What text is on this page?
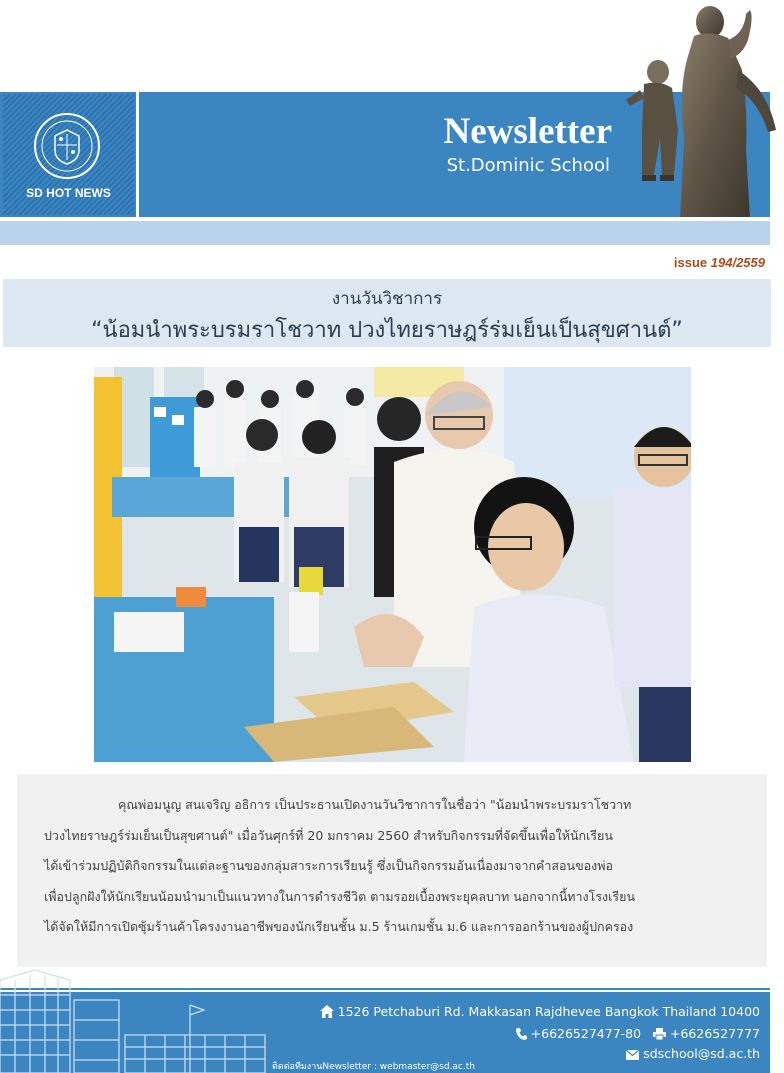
SD HOT NEWS
Newsletter
St.Dominic School
issue 194/2559
งานวันวิชาการ
“น้อมนำพระบรมราโชวาท ปวงไทยราษฎร์ร่มเย็นเป็นสุขศานต์”

คุณพ่อมนูญ สนเจริญ อธิการ เป็นประธานเปิดงานวันวิชาการในชื่อว่า "น้อมนำพระบรมราโชวาท

ปวงไทยราษฎร์ร่มเย็นเป็นสุขศานต์" เมื่อวันศุกร์ที่ 20 มกราคม 2560 สำหรับกิจกรรมที่จัดขึ้นเพื่อให้นักเรียน

ได้เข้าร่วมปฏิบัติกิจกรรมในแต่ละฐานของกลุ่มสาระการเรียนรู้ ซึ่งเป็นกิจกรรมอันเนื่องมาจากคำสอนของพ่อ

เพื่อปลูกฝังให้นักเรียนน้อมนำมาเป็นแนวทางในการดำรงชีวิต ตามรอยเบื้องพระยุคลบาท นอกจากนี้ทางโรงเรียน

ได้จัดให้มีการเปิดซุ้มร้านค้าโครงงานอาชีพของนักเรียนชั้น ม.5 ร้านเกมชั้น ม.6 และการออกร้านของผู้ปกครอง

1526 Petchaburi Rd. Makkasan Rajdhevee Bangkok Thailand 10400
+6626527477-80 +6626527777
sdschool@sd.ac.th
ติดต่อทีมงานNewsletter : webmaster@sd.ac.th
